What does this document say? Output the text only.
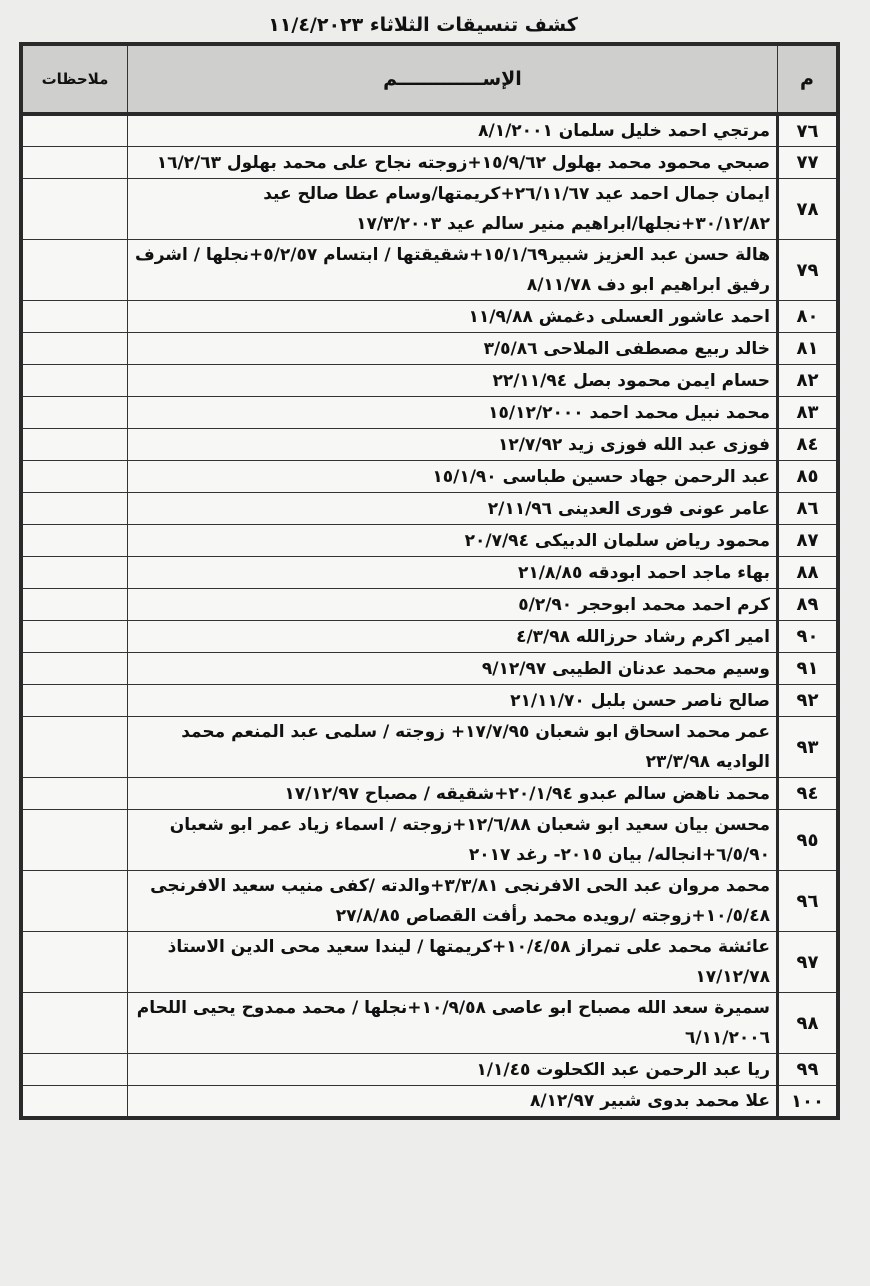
كشف تنسيقات الثلاثاء ١١/٤/٢٠٢٣
م	الإســـــــــــــم	ملاحظات
٧٦	مرتجي احمد خليل سلمان ٨/١/٢٠٠١	
٧٧	صبحي محمود محمد بهلول ١٥/٩/٦٢+زوجته نجاح على محمد بهلول ١٦/٢/٦٣	
٧٨	ايمان جمال احمد عيد ٢٦/١١/٦٧+كريمتها/وسام عطا صالح عيد ٣٠/١٢/٨٢+نجلها/ابراهيم منير سالم عيد ١٧/٣/٢٠٠٣	
٧٩	هالة حسن عبد العزيز شبير١٥/١/٦٩+شقيقتها / ابتسام ٥/٢/٥٧+نجلها / اشرف رفيق ابراهيم ابو دف ٨/١١/٧٨	
٨٠	احمد عاشور العسلى دغمش ١١/٩/٨٨	
٨١	خالد ربيع مصطفى الملاحى ٣/٥/٨٦	
٨٢	حسام ايمن محمود بصل ٢٢/١١/٩٤	
٨٣	محمد نبيل محمد احمد ١٥/١٢/٢٠٠٠	
٨٤	فوزى عبد الله فوزى زيد ١٢/٧/٩٢	
٨٥	عبد الرحمن جهاد حسين طباسى ١٥/١/٩٠	
٨٦	عامر عونى فورى العدينى ٢/١١/٩٦	
٨٧	محمود رياض سلمان الدبيكى ٢٠/٧/٩٤	
٨٨	بهاء ماجد احمد ابودقه ٢١/٨/٨٥	
٨٩	كرم احمد محمد ابوحجر ٥/٢/٩٠	
٩٠	امير اكرم رشاد حرزالله ٤/٣/٩٨	
٩١	وسيم محمد عدنان الطيبى ٩/١٢/٩٧	
٩٢	صالح ناصر حسن بلبل ٢١/١١/٧٠	
٩٣	عمر محمد اسحاق ابو شعبان ١٧/٧/٩٥+ زوجته / سلمى عبد المنعم محمد الواديه ٢٣/٣/٩٨	
٩٤	محمد ناهض سالم عبدو ٢٠/١/٩٤+شقيقه / مصباح ١٧/١٢/٩٧	
٩٥	محسن بيان سعيد ابو شعبان ١٢/٦/٨٨+زوجته / اسماء زياد عمر ابو شعبان ٦/٥/٩٠+انجاله/ بيان ٢٠١٥- رغد ٢٠١٧	
٩٦	محمد مروان عبد الحى الافرنجى ٣/٣/٨١+والدته /كفى منيب سعيد الافرنجى ١٠/٥/٤٨+زوجته /رويده محمد رأفت القصاص ٢٧/٨/٨٥	
٩٧	عائشة محمد على تمراز ١٠/٤/٥٨+كريمتها / ليندا سعيد محى الدين الاستاذ ١٧/١٢/٧٨	
٩٨	سميرة سعد الله مصباح ابو عاصى ١٠/٩/٥٨+نجلها / محمد ممدوح يحيى اللحام ٦/١١/٢٠٠٦	
٩٩	ريا عبد الرحمن عبد الكحلوت ١/١/٤٥	
١٠٠	علا محمد بدوى شبير ٨/١٢/٩٧	
